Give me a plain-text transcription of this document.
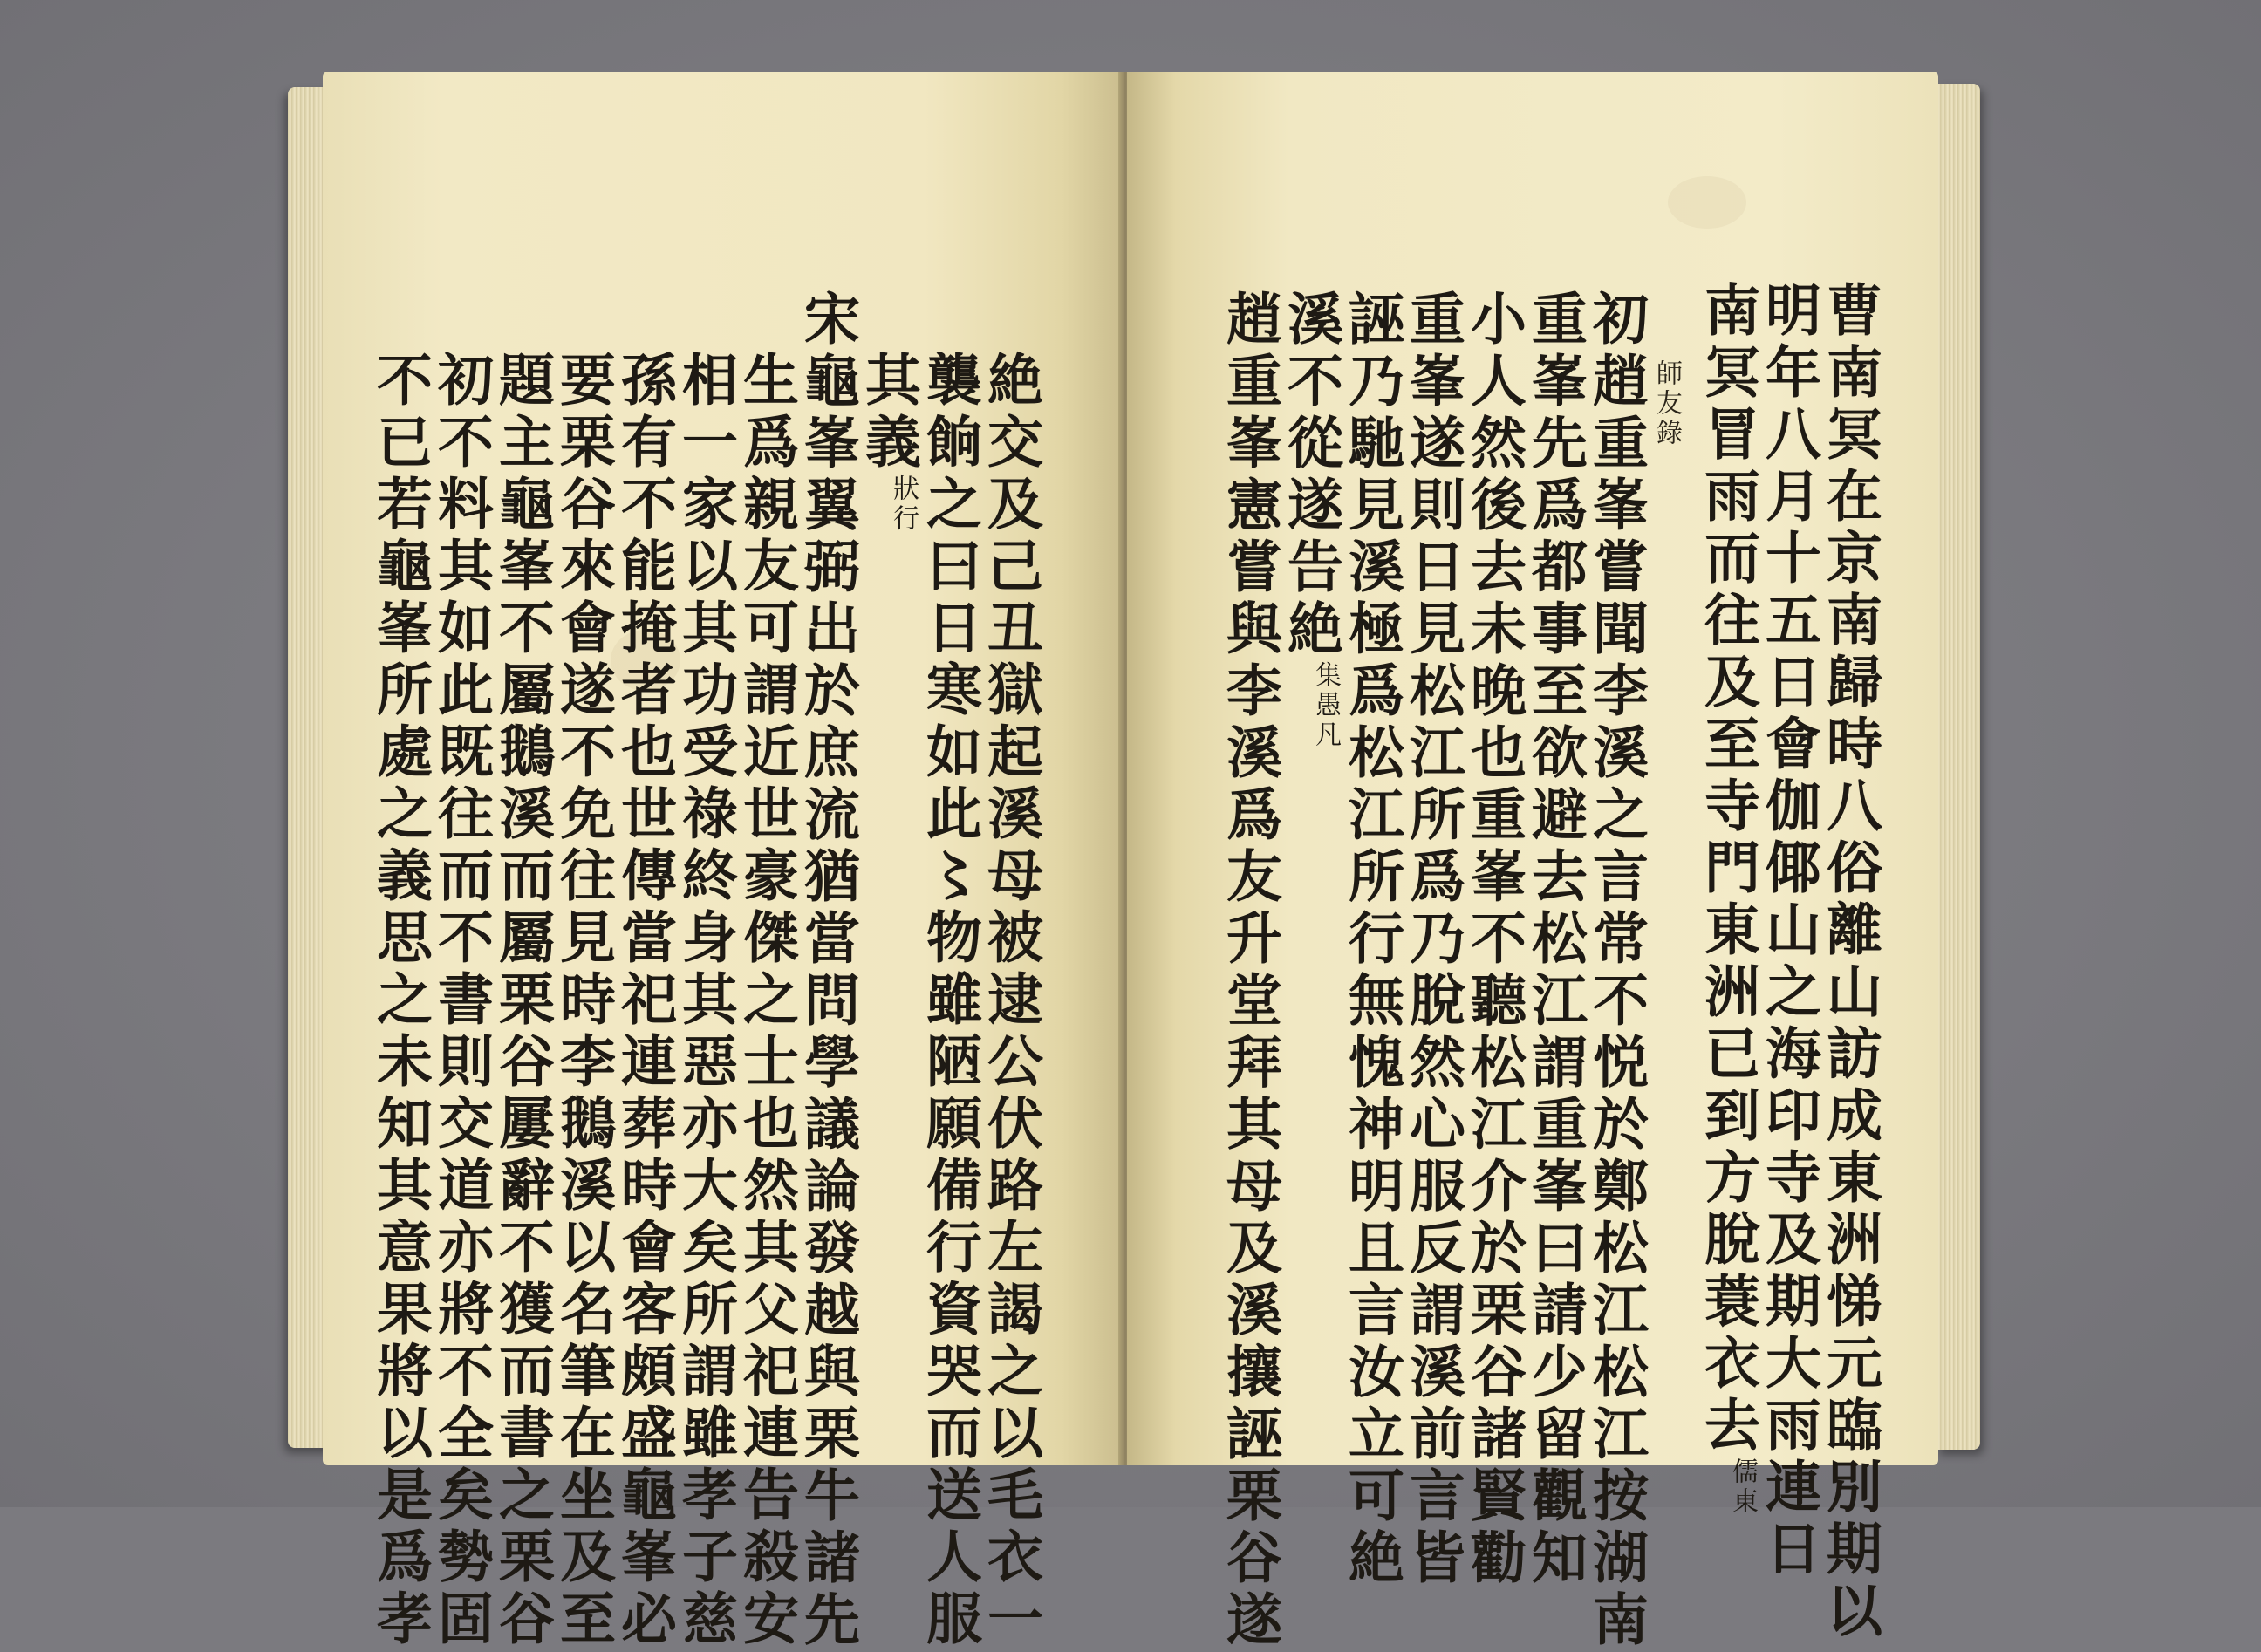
不已若龜峯所處之義思之未知其意果將以是爲孝
初不料其如此既往而不書則交道亦將不全矣勢固
題主龜峯不屬鵝溪而屬栗谷屢辭不獲而書之栗谷
要栗谷來會遂不免往見時李鵝溪以名筆在坐及至
孫有不能掩者也世傳當祀連葬時會客頗盛龜峯必
相一家以其功受祿終身其惡亦大矣所謂雖孝子慈
生爲親友可謂近世豪傑之士也然其父祀連告殺安
宋龜峯翼弼出於庶流猶當問學議論發越與栗牛諸先
其義
行
狀
襲餉之曰日寒如此〻物雖陋願備行資哭而送人服
絶交及己丑獄起溪母被逮公伏路左謁之以毛衣一	趙重峯憲嘗與李溪爲友升堂拜其母及溪攘誣栗谷遂
溪不從遂告絶
凡
愚
集
誣乃馳見溪極爲松江所行無愧神明且言汝立可絶
重峯遂則日見松江所爲乃脫然心服反謂溪前言皆
小人然後去未晚也重峯不聽松江介於栗谷諸賢勸
重峯先爲都事至欲避去松江謂重峯曰請少留觀知
初趙重峯嘗聞李溪之言常不悦於鄭松江松江按湖南 師友錄 南冥冒雨而往及至寺門東洲已到方脫蓑衣去
東
儒
明年八月十五日會伽倻山之海印寺及期大雨連日
曹南冥在京南歸時八俗離山訪成東洲悌元臨別期以
